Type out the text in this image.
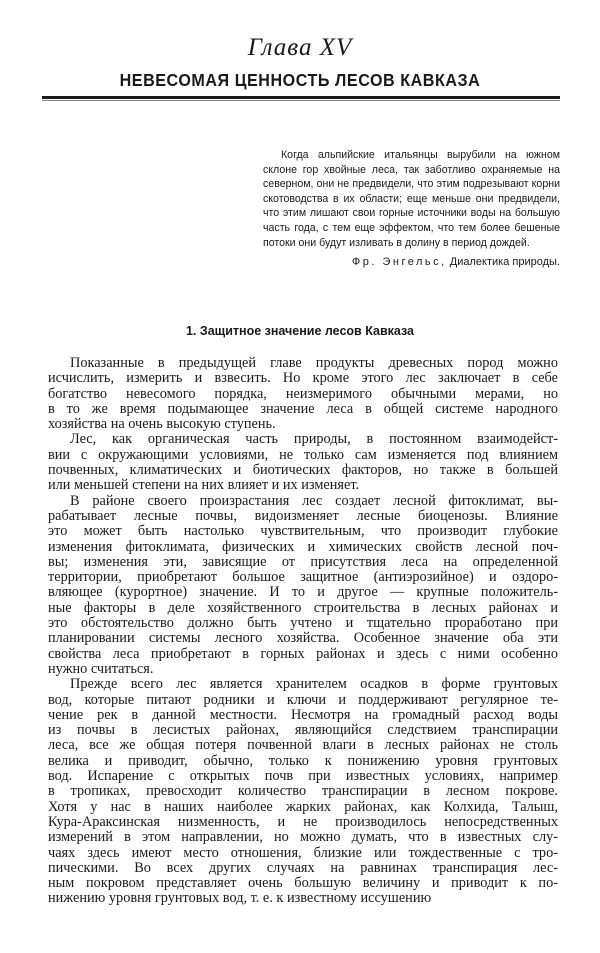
Глава XV
НЕВЕСОМАЯ ЦЕННОСТЬ ЛЕСОВ КАВКАЗА

Когда альпийские итальянцы вырубили на южном склоне гор хвойные леса, так заботливо охраняемые на северном, они не предвидели, что этим подрезывают корни скотоводства в их области; еще меньше они предвидели, что этим лишают свои горные источники воды на большую часть года, с тем еще эффектом, что тем более бешеные потоки они будут изливать в долину в период дождей.

Фр. Энгельс, Диалектика природы.
1. Защитное значение лесов Кавказа

Показанные в предыдущей главе продукты древесных пород можно
исчислить, измерить и взвесить. Но кроме этого лес заключает в себе
богатство невесомого порядка, неизмеримого обычными мерами, но
в то же время подымающее значение леса в общей системе народного
хозяйства на очень высокую ступень.

Лес, как органическая часть природы, в постоянном взаимодейст-
вии с окружающими условиями, не только сам изменяется под влиянием
почвенных, климатических и биотических факторов, но также в большей
или меньшей степени на них влияет и их изменяет.

В районе своего произрастания лес создает лесной фитоклимат, вы-
рабатывает лесные почвы, видоизменяет лесные биоценозы. Влияние
это может быть настолько чувствительным, что производит глубокие
изменения фитоклимата, физических и химических свойств лесной поч-
вы; изменения эти, зависящие от присутствия леса на определенной
территории, приобретают большое защитное (антиэрозийное) и оздоро-
вляющее (курортное) значение. И то и другое — крупные положитель-
ные факторы в деле хозяйственного строительства в лесных районах и
это обстоятельство должно быть учтено и тщательно проработано при
планировании системы лесного хозяйства. Особенное значение оба эти
свойства леса приобретают в горных районах и здесь с ними особенно
нужно считаться.

Прежде всего лес является хранителем осадков в форме грунтовых
вод, которые питают родники и ключи и поддерживают регулярное те-
чение рек в данной местности. Несмотря на громадный расход воды
из почвы в лесистых районах, являющийся следствием транспирации
леса, все же общая потеря почвенной влаги в лесных районах не столь
велика и приводит, обычно, только к понижению уровня грунтовых
вод. Испарение с открытых почв при известных условиях, например
в тропиках, превосходит количество транспирации в лесном покрове.
Хотя у нас в наших наиболее жарких районах, как Колхида, Талыш,
Кура-Араксинская низменность, и не производилось непосредственных
измерений в этом направлении, но можно думать, что в известных слу-
чаях здесь имеют место отношения, близкие или тождественные с тро-
пическими. Во всех других случаях на равнинах транспирация лес-
ным покровом представляет очень большую величину и приводит к по-
нижению уровня грунтовых вод, т. е. к известному иссушению
